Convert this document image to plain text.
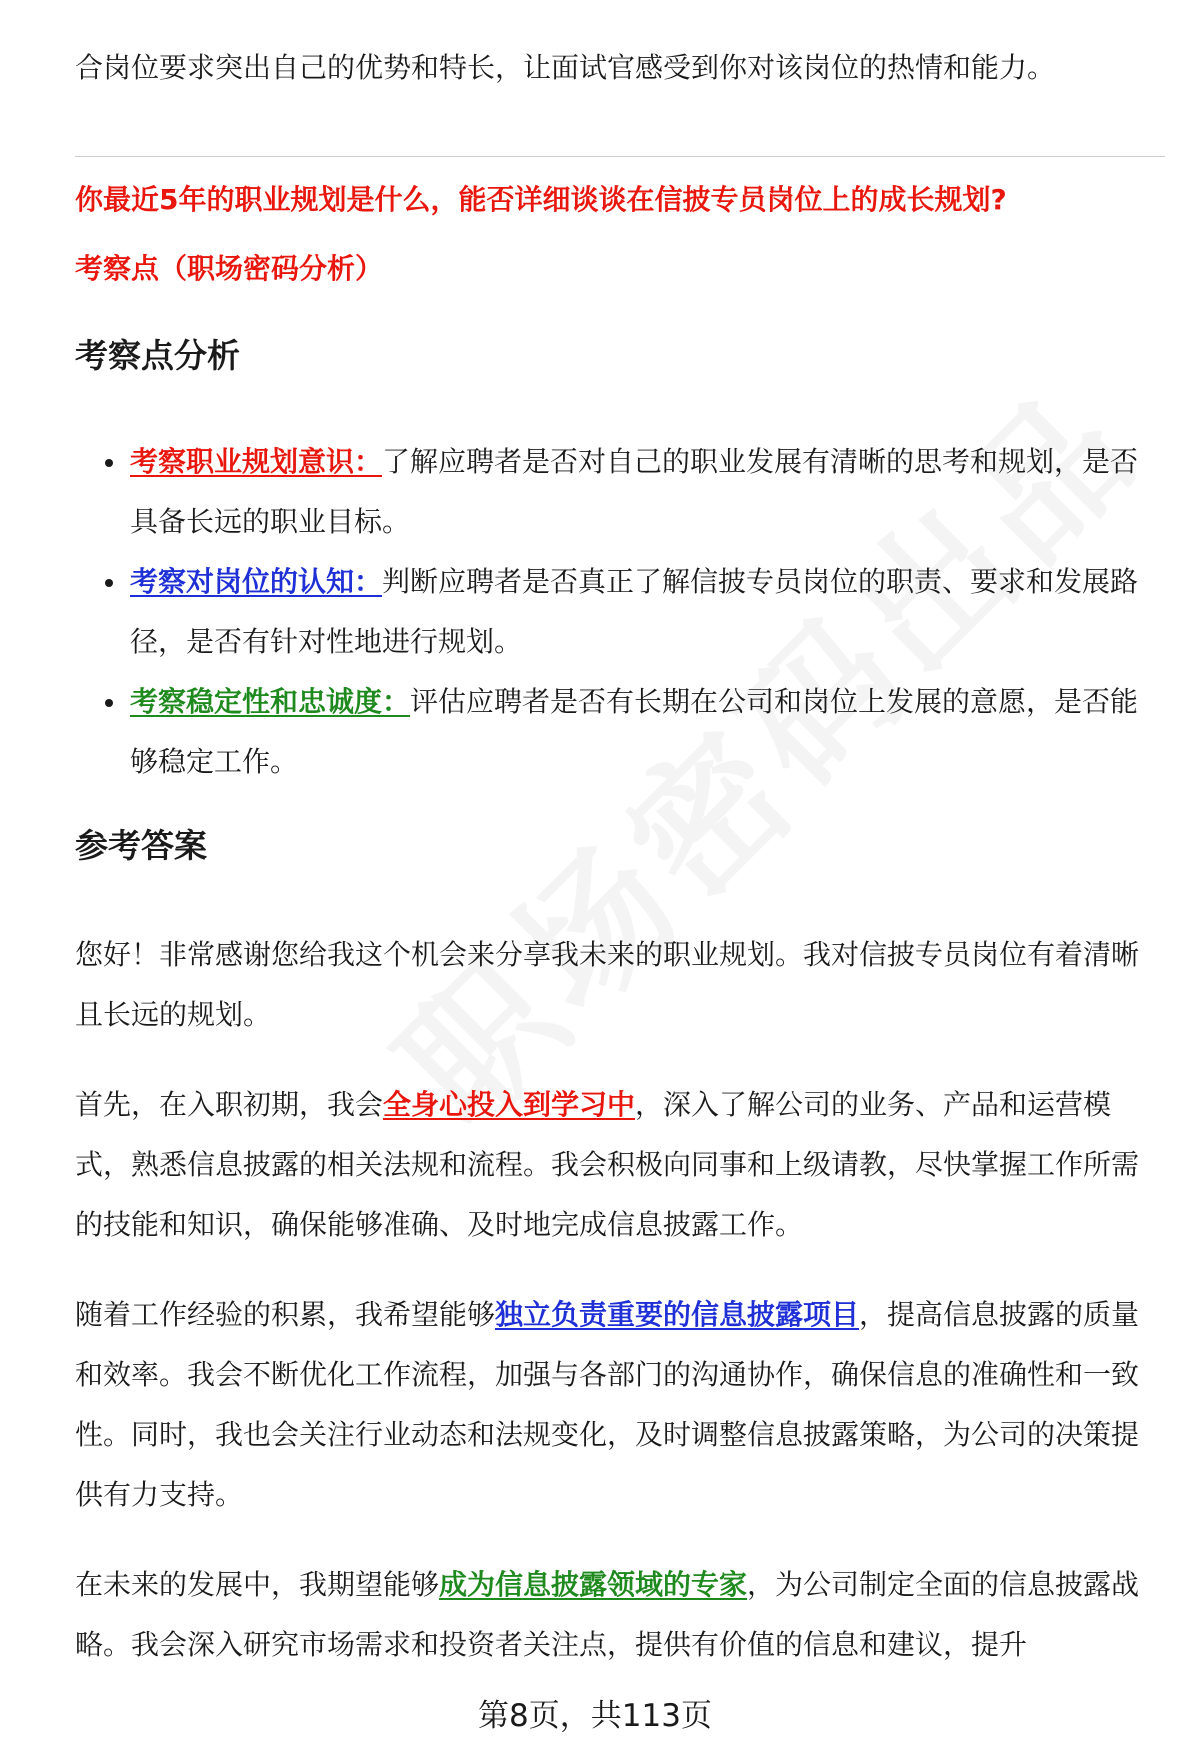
合岗位要求突出自己的优势和特长，让面试官感受到你对该岗位的热情和能力。

你最近5年的职业规划是什么，能否详细谈谈在信披专员岗位上的成长规划?

考察点（职场密码分析）

考察点分析
考察职业规划意识：了解应聘者是否对自己的职业发展有清晰的思考和规划，是否具备长远的职业目标。
考察对岗位的认知：判断应聘者是否真正了解信披专员岗位的职责、要求和发展路径，是否有针对性地进行规划。
考察稳定性和忠诚度：评估应聘者是否有长期在公司和岗位上发展的意愿，是否能够稳定工作。
参考答案

您好！非常感谢您给我这个机会来分享我未来的职业规划。我对信披专员岗位有着清晰且长远的规划。

首先，在入职初期，我会全身心投入到学习中，深入了解公司的业务、产品和运营模式，熟悉信息披露的相关法规和流程。我会积极向同事和上级请教，尽快掌握工作所需的技能和知识，确保能够准确、及时地完成信息披露工作。

随着工作经验的积累，我希望能够独立负责重要的信息披露项目，提高信息披露的质量和效率。我会不断优化工作流程，加强与各部门的沟通协作，确保信息的准确性和一致性。同时，我也会关注行业动态和法规变化，及时调整信息披露策略，为公司的决策提供有力支持。

在未来的发展中，我期望能够成为信息披露领域的专家，为公司制定全面的信息披露战略。我会深入研究市场需求和投资者关注点，提供有价值的信息和建议，提升

第8页，共113页
